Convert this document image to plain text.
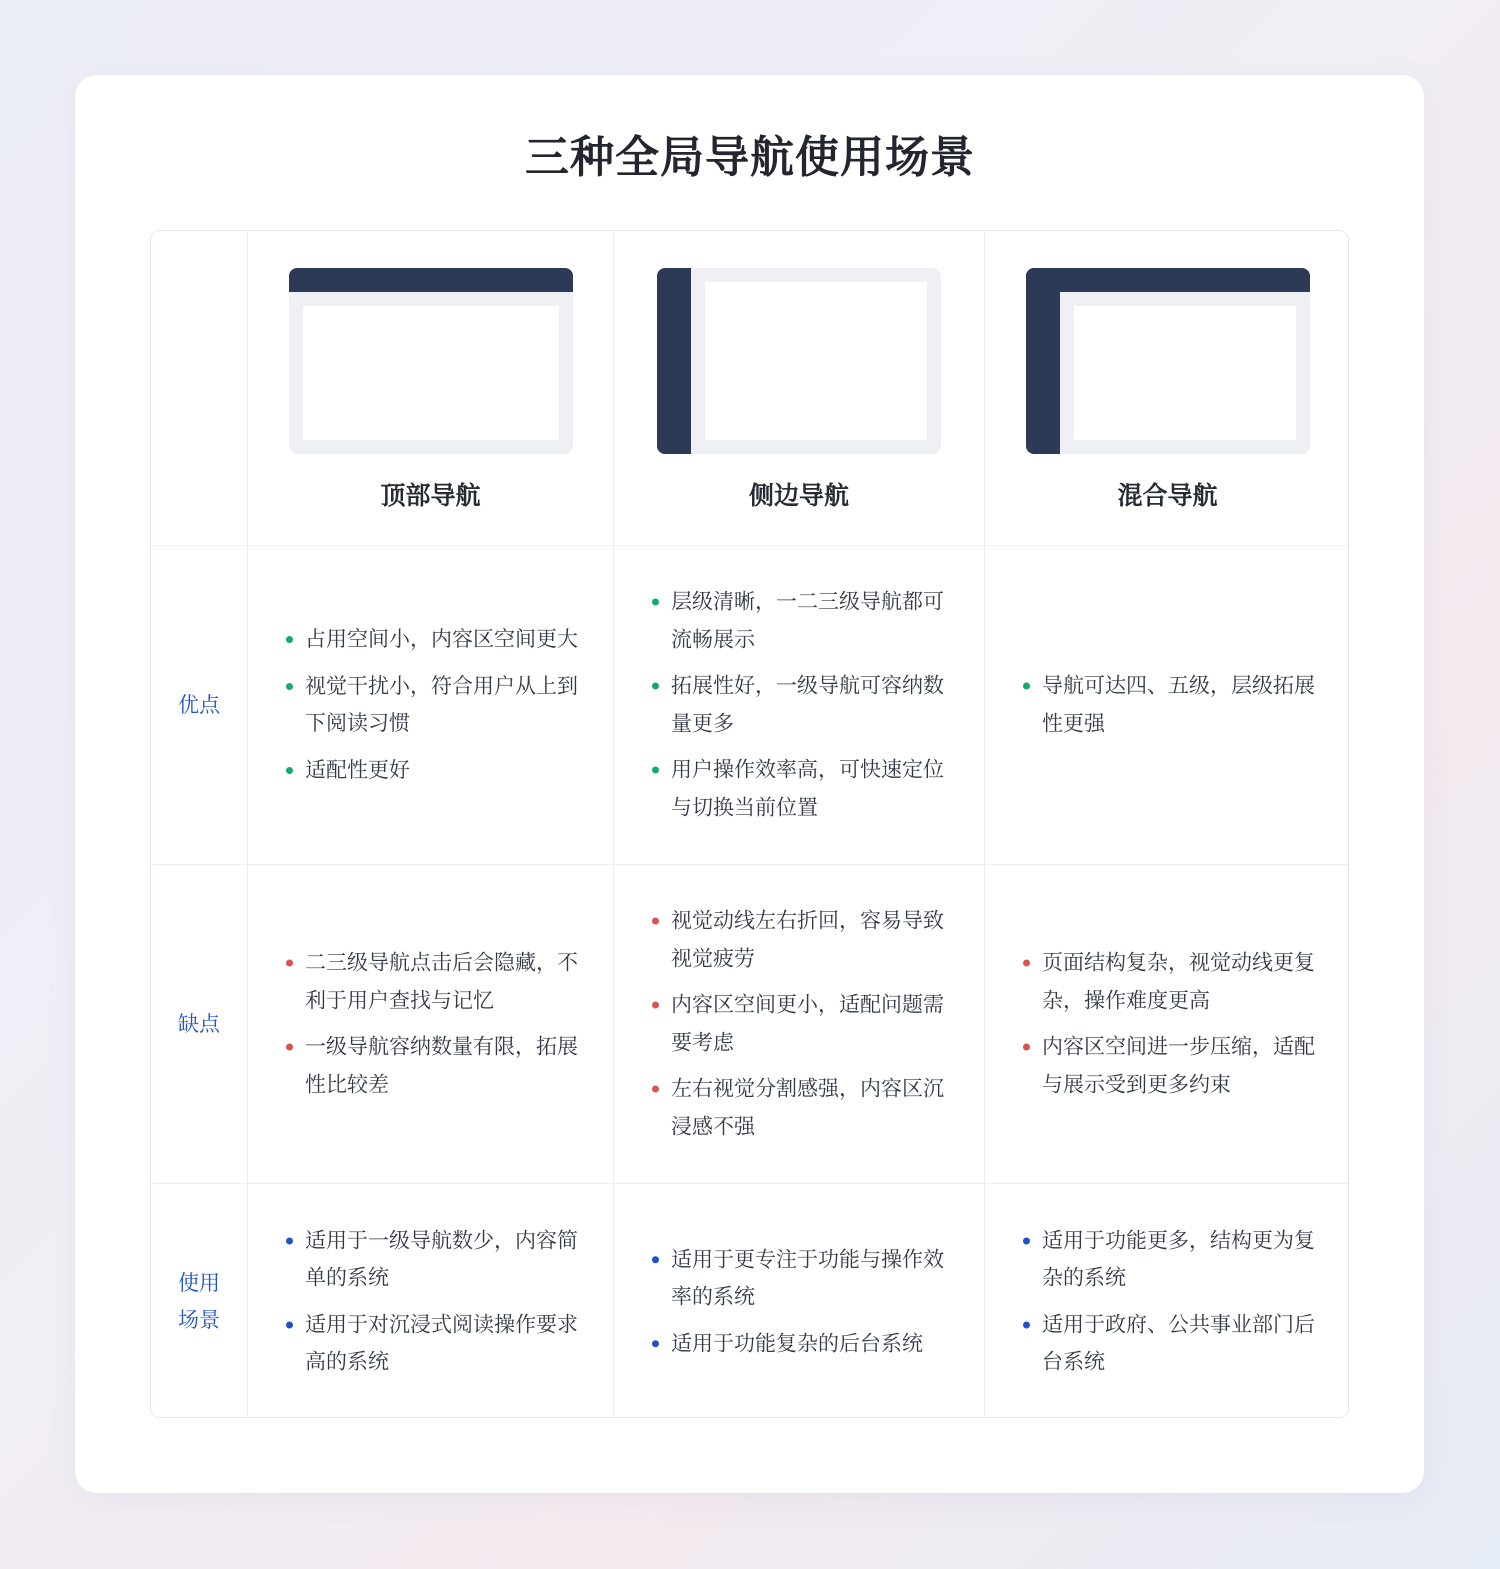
三种全局导航使用场景
顶部导航	侧边导航	混合导航
优点
占用空间小，内容区空间更大
视觉干扰小，符合用户从上到下阅读习惯
适配性更好
层级清晰，一二三级导航都可流畅展示
拓展性好，一级导航可容纳数量更多
用户操作效率高，可快速定位与切换当前位置
导航可达四、五级，层级拓展性更强
缺点
二三级导航点击后会隐藏，不利于用户查找与记忆
一级导航容纳数量有限，拓展性比较差
视觉动线左右折回，容易导致视觉疲劳
内容区空间更小，适配问题需要考虑
左右视觉分割感强，内容区沉浸感不强
页面结构复杂，视觉动线更复杂，操作难度更高
内容区空间进一步压缩，适配与展示受到更多约束
使用
场景
适用于一级导航数少，内容简单的系统
适用于对沉浸式阅读操作要求高的系统
适用于更专注于功能与操作效率的系统
适用于功能复杂的后台系统
适用于功能更多，结构更为复杂的系统
适用于政府、公共事业部门后台系统
